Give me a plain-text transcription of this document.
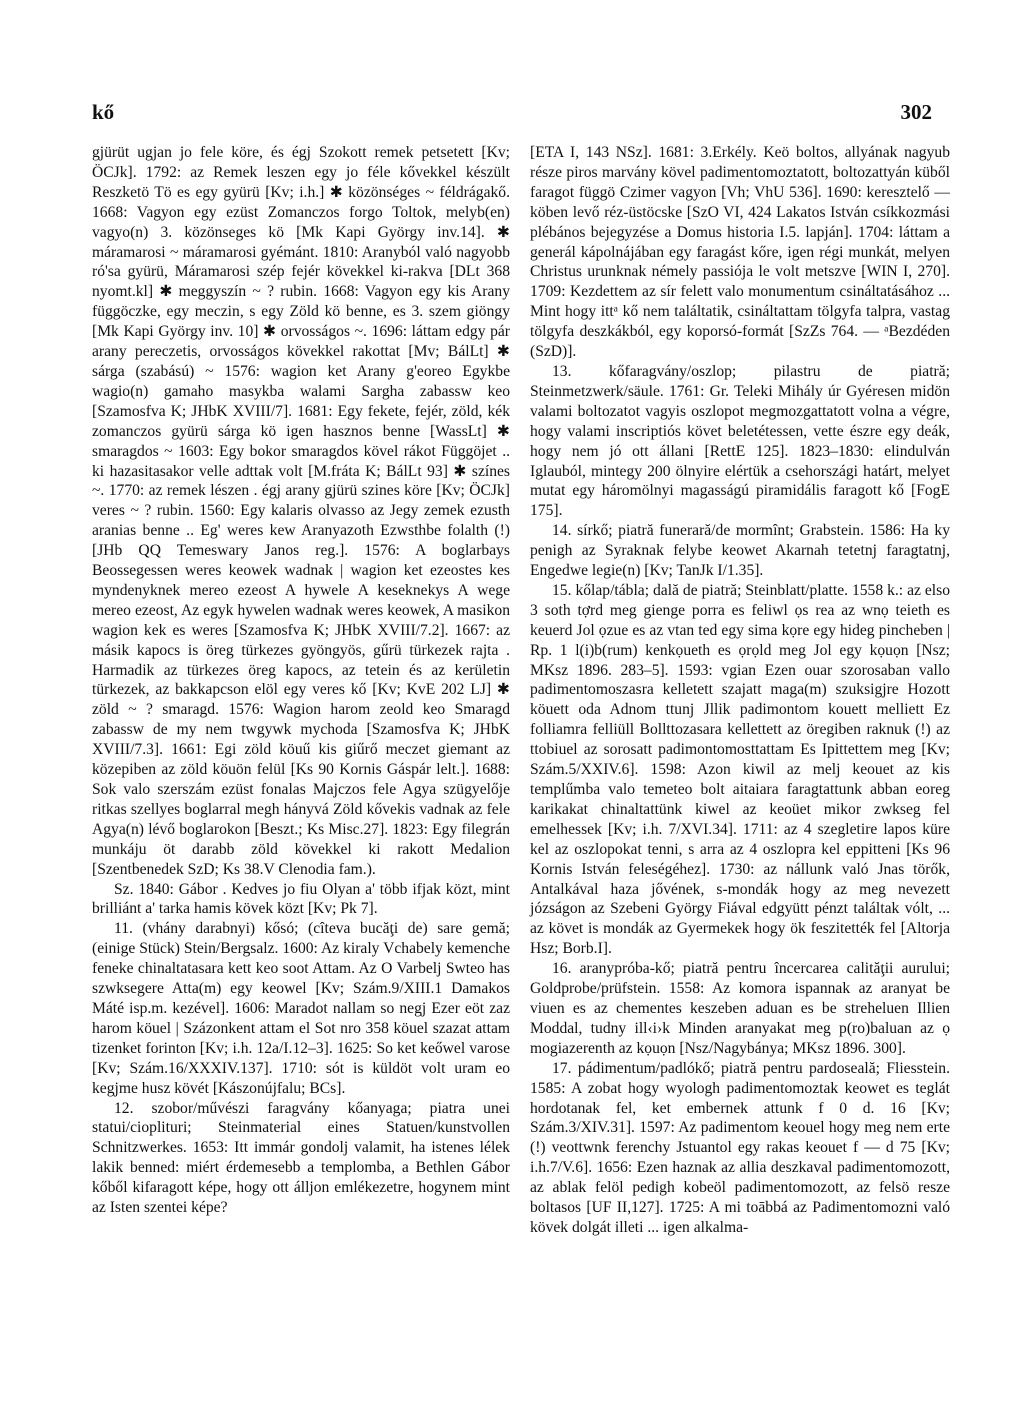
kő	302

gjürüt ugjan jo fele köre, és égj Szokott remek petsetett [Kv; ÖCJk]. 1792: az Remek leszen egy jo féle kővekkel készült Reszketö Tö es egy gyürü [Kv; i.h.] ✱ közönséges ~ féldrágakő. 1668: Vagyon egy ezüst Zomanczos forgo Toltok, melyb(en) vagyo(n) 3. közönseges kö [Mk Kapi György inv.14]. ✱ máramarosi ~ máramarosi gyémánt. 1810: Aranyból való nagyobb ró'sa gyürü, Máramarosi szép fejér kövekkel ki-rakva [DLt 368 nyomt.kl] ✱ meggyszín ~ ? rubin. 1668: Vagyon egy kis Arany függöczke, egy meczin, s egy Zöld kö benne, es 3. szem giöngy [Mk Kapi György inv. 10] ✱ orvosságos ~. 1696: láttam edgy pár arany pereczetis, orvosságos kövekkel rakottat [Mv; BálLt] ✱ sárga (szabású) ~ 1576: wagion ket Arany g'eoreo Egykbe wagio(n) gamaho masykba walami Sargha zabassw keo [Szamosfva K; JHbK XVIII/7]. 1681: Egy fekete, fejér, zöld, kék zomanczos gyürü sárga kö igen hasznos benne [WassLt] ✱ smaragdos ~ 1603: Egy bokor smaragdos kövel rákot Függöjet .. ki hazasitasakor velle adttak volt [M.fráta K; BálLt 93] ✱ színes ~. 1770: az remek lészen . égj arany gjürü szines köre [Kv; ÖCJk] veres ~ ? rubin. 1560: Egy kalaris olvasso az Jegy zemek ezusth aranias benne .. Eg' weres kew Aranyazoth Ezwsthbe folalth (!) [JHb QQ Temeswary Janos reg.]. 1576: A boglarbays Beossegessen weres keowek wadnak | wagion ket ezeostes kes myndenyknek mereo ezeost A hywele A keseknekys A wege mereo ezeost, Az egyk hywelen wadnak weres keowek, A masikon wagion kek es weres [Szamosfva K; JHbK XVIII/7.2]. 1667: az másik kapocs is öreg türkezes gyöngyös, gűrü türkezek rajta . Harmadik az türkezes öreg kapocs, az tetein és az kerületin türkezek, az bakkapcson elöl egy veres kő [Kv; KvE 202 LJ] ✱ zöld ~ ? smaragd. 1576: Wagion harom zeold keo Smaragd zabassw de my nem twgywk mychoda [Szamosfva K; JHbK XVIII/7.3]. 1661: Egi zöld köuű kis giűrő meczet giemant az közepiben az zöld köuön felül [Ks 90 Kornis Gáspár lelt.]. 1688: Sok valo szerszám ezüst fonalas Majczos fele Agya szügyelője ritkas szellyes boglarral megh hányvá Zöld kővekis vadnak az fele Agya(n) lévő boglarokon [Beszt.; Ks Misc.27]. 1823: Egy filegrán munkáju öt darabb zöld kövekkel ki rakott Medalion [Szentbenedek SzD; Ks 38.V Clenodia fam.).

Sz. 1840: Gábor . Kedves jo fiu Olyan a' több ifjak közt, mint brilliánt a' tarka hamis kövek közt [Kv; Pk 7].

11. (vhány darabnyi) kősó; (cîteva bucăţi de) sare gemă; (einige Stück) Stein/Bergsalz. 1600: Az kiraly Vchabely kemenche feneke chinaltatasara kett keo soot Attam. Az O Varbelj Swteo has szwksegere Atta(m) egy keowel [Kv; Szám.9/XIII.1 Damakos Máté isp.m. kezével]. 1606: Maradot nallam so negj Ezer eöt zaz harom köuel | Százonkent attam el Sot nro 358 köuel szazat attam tizenket forinton [Kv; i.h. 12a/I.12–3]. 1625: So ket keőwel varose [Kv; Szám.16/XXXIV.137]. 1710: sót is küldöt volt uram eo kegjme husz kövét [Kászonújfalu; BCs].

12. szobor/művészi faragvány kőanyaga; piatra unei statui/ciopliturі; Steinmaterial eines Statuen/kunstvollen Schnitzwerkes. 1653: Itt immár gondolj valamit, ha istenes lélek lakik benned: miért érdemesebb a templomba, a Bethlen Gábor kőből kifaragott képe, hogy ott álljon emlékezetre, hogynem mint az Isten szentei képe?

[ETA I, 143 NSz]. 1681: 3.Erkély. Keö boltos, allyának nagyub része piros marvány kövel padimentomoztatott, boltozattyán küből faragot függö Czimer vagyon [Vh; VhU 536]. 1690: keresztelő — köben levő réz-üstöcske [SzO VI, 424 Lakatos István csíkkozmási plébános bejegyzése a Domus historia I.5. lapján]. 1704: láttam a generál kápolnájában egy faragást kőre, igen régi munkát, melyen Christus urunknak némely passiója le volt metszve [WIN I, 270]. 1709: Kezdettem az sír felett valo monumentum csináltatásához ... Mint hogy ittᵃ kő nem találtatik, csináltattam tölgyfa talpra, vastag tölgyfa deszkákból, egy koporsó-formát [SzZs 764. — ᵃBezdéden (SzD)].

13. kőfaragvány/oszlop; pilastru de piatră; Steinmetzwerk/säule. 1761: Gr. Teleki Mihály úr Gyéresen midön valami boltozatot vagyis oszlopot megmozgattatott volna a végre, hogy valami inscriptiós követ beletétessen, vette észre egy deák, hogy nem jó ott állani [RettE 125]. 1823–1830: elindulván Iglauból, mintegy 200 ölnyire elértük a csehországi határt, melyet mutat egy háromölnyi magasságú piramidális faragott kő [FogE 175].

14. sírkő; piatră funerară/de mormînt; Grabstein. 1586: Ha ky penigh az Syraknak felybe keowet Akarnah tetetnj faragtatnj, Engedwe legie(n) [Kv; TanJk I/1.35].

15. kőlap/tábla; dală de piatră; Steinblatt/platte. 1558 k.: az elso 3 soth tợrd meg gienge porra es feliwl ọs rea az wnọ teieth es keuerd Jol ọzue es az vtan ted egy sima kọre egy hideg pincheben | Rp. 1 l(i)b(rum) kenkọueth es ọrọld meg Jol egy kọuọn [Nsz; MKsz 1896. 283–5]. 1593: vgian Ezen ouar szorosaban vallo padimentomoszasra kelletett szajatt maga(m) szuksigjre Hozott köuett oda Adnom ttunj Jllik padimontom kouett melliett Ez folliamra felliüll Bollttozasara kellettett az öregiben raknuk (!) az ttobiuel az sorosatt padimontomosttattam Es Ipittettem meg [Kv; Szám.5/XXIV.6]. 1598: Azon kiwil az melj keouet az kis templűmba valo temeteo bolt aitaiara faragtattunk abban eoreg karikakat chinaltattünk kiwel az keoüet mikor zwkseg fel emelhessek [Kv; i.h. 7/XVI.34]. 1711: az 4 szegletire lapos küre kel az oszlopokat tenni, s arra az 4 oszlopra kel eppitteni [Ks 96 Kornis István feleségéhez]. 1730: az nállunk való Jnas törők, Antalkával haza jővének, s-mondák hogy az meg nevezett józságon az Szebeni György Fiával edgyütt pénzt találtak vólt, ... az követ is mondák az Gyermekek hogy ök feszitették fel [Altorja Hsz; Borb.I].

16. aranypróba-kő; piatră pentru încercarea calităţii aurului; Goldprobe/prüfstein. 1558: Az komora ispannak az aranyat be viuen es az chementes keszeben aduan es be streheluen Illien Moddal, tudny ill‹i›k Minden aranyakat meg p(ro)baluan az ọ mogiazerenth az kọuọn [Nsz/Nagybánya; MKsz 1896. 300].

17. pádimentum/padlókő; piatră pentru pardoseală; Fliesstein. 1585: A zobat hogy wyologh padimentomoztak keowet es teglát hordotanak fel, ket embernek attunk f 0 d. 16 [Kv; Szám.3/XIV.31]. 1597: Az padimentom keouel hogy meg nem erte (!) veottwnk ferenchy Jstuantol egy rakas keouet f — d 75 [Kv; i.h.7/V.6]. 1656: Ezen haznak az allia deszkaval padimentomozott, az ablak felöl pedigh kobeöl padimentomozott, az felsö resze boltasos [UF II,127]. 1725: A mi toābbá az Padimentomozni való kövek dolgát illeti ... igen alkalma-
